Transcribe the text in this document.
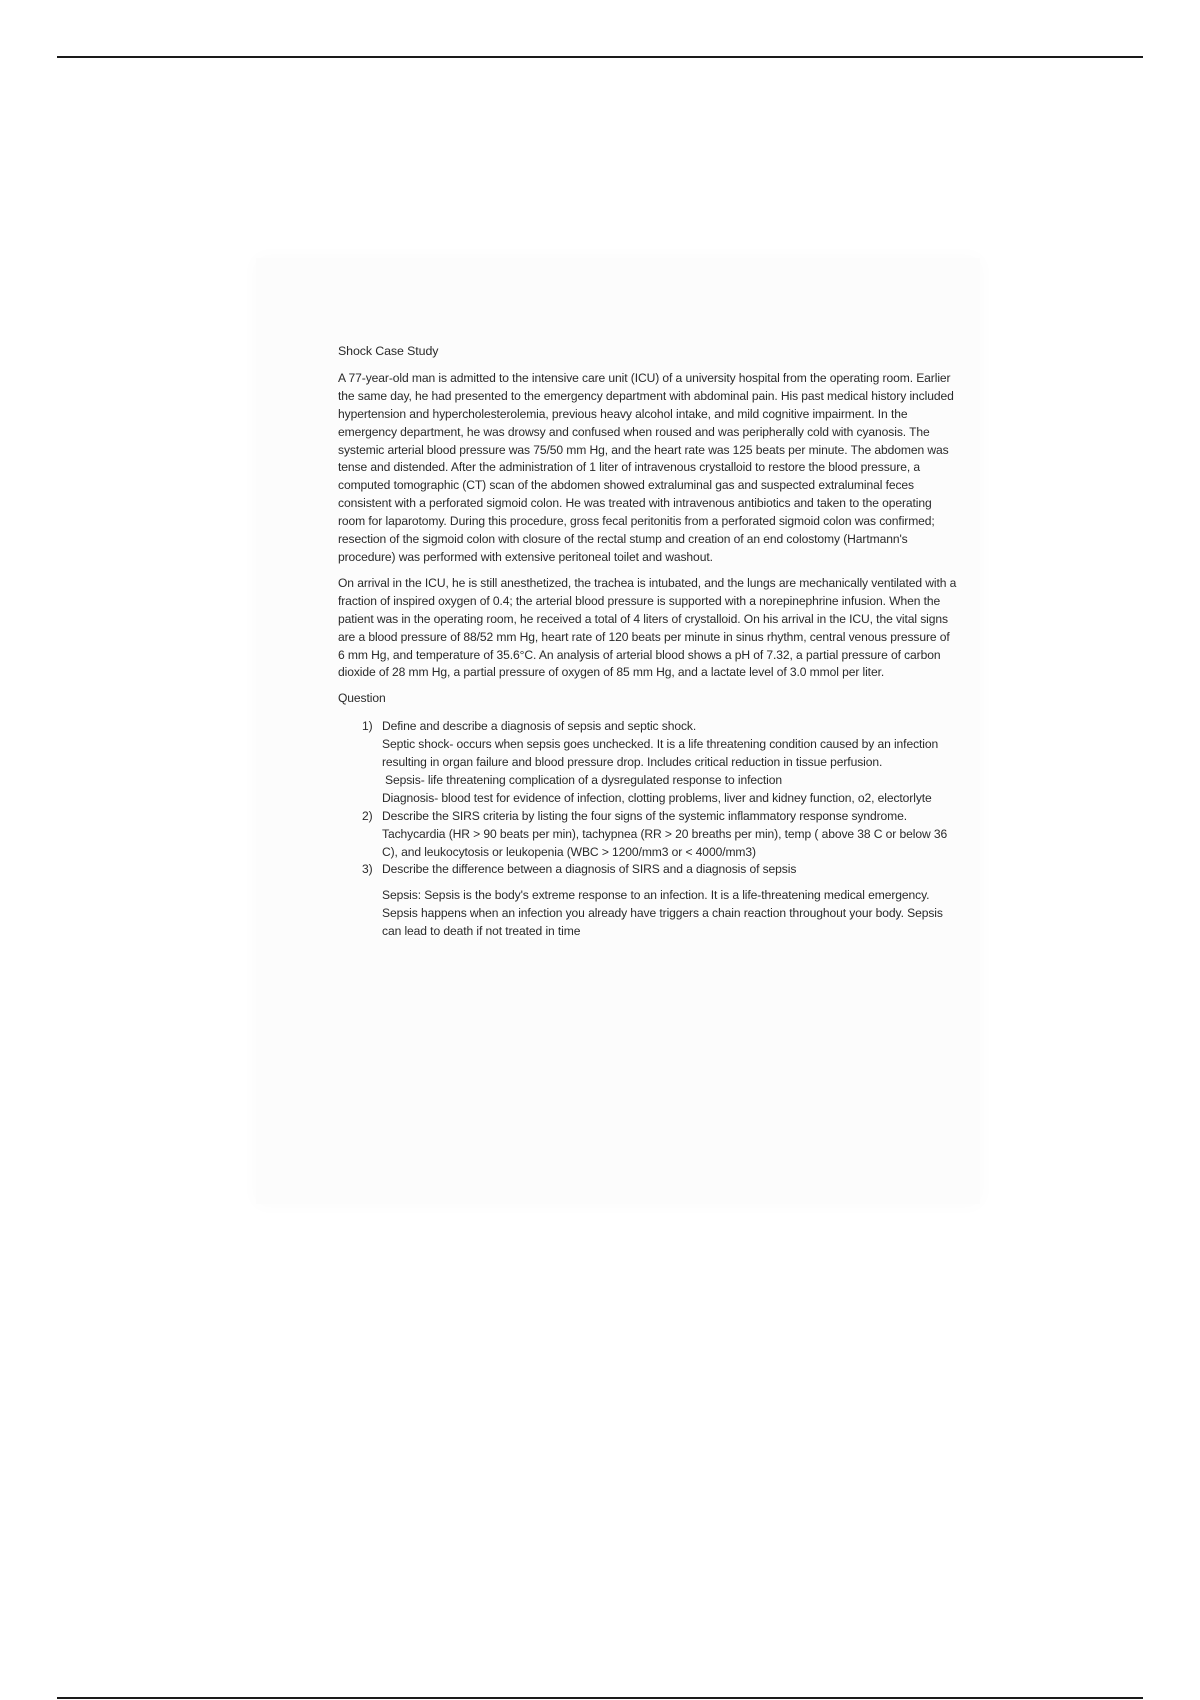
Shock Case Study

A 77-year-old man is admitted to the intensive care unit (ICU) of a university hospital from the operating room. Earlier the same day, he had presented to the emergency department with abdominal pain. His past medical history included hypertension and hypercholesterolemia, previous heavy alcohol intake, and mild cognitive impairment. In the emergency department, he was drowsy and confused when roused and was peripherally cold with cyanosis. The systemic arterial blood pressure was 75/50 mm Hg, and the heart rate was 125 beats per minute. The abdomen was tense and distended. After the administration of 1 liter of intravenous crystalloid to restore the blood pressure, a computed tomographic (CT) scan of the abdomen showed extraluminal gas and suspected extraluminal feces consistent with a perforated sigmoid colon. He was treated with intravenous antibiotics and taken to the operating room for laparotomy. During this procedure, gross fecal peritonitis from a perforated sigmoid colon was confirmed; resection of the sigmoid colon with closure of the rectal stump and creation of an end colostomy (Hartmann's procedure) was performed with extensive peritoneal toilet and washout.

On arrival in the ICU, he is still anesthetized, the trachea is intubated, and the lungs are mechanically ventilated with a fraction of inspired oxygen of 0.4; the arterial blood pressure is supported with a norepinephrine infusion. When the patient was in the operating room, he received a total of 4 liters of crystalloid. On his arrival in the ICU, the vital signs are a blood pressure of 88/52 mm Hg, heart rate of 120 beats per minute in sinus rhythm, central venous pressure of 6 mm Hg, and temperature of 35.6°C. An analysis of arterial blood shows a pH of 7.32, a partial pressure of carbon dioxide of 28 mm Hg, a partial pressure of oxygen of 85 mm Hg, and a lactate level of 3.0 mmol per liter.

Question
1) Define and describe a diagnosis of sepsis and septic shock.
Septic shock- occurs when sepsis goes unchecked. It is a life threatening condition caused by an infection resulting in organ failure and blood pressure drop. Includes critical reduction in tissue perfusion.
Sepsis- life threatening complication of a dysregulated response to infection
Diagnosis- blood test for evidence of infection, clotting problems, liver and kidney function, o2, electorlyte
2) Describe the SIRS criteria by listing the four signs of the systemic inflammatory response syndrome.
Tachycardia (HR > 90 beats per min), tachypnea (RR > 20 breaths per min), temp ( above 38 C or below 36 C), and leukocytosis or leukopenia (WBC > 1200/mm3 or < 4000/mm3)
3) Describe the difference between a diagnosis of SIRS and a diagnosis of sepsis
Sepsis: Sepsis is the body's extreme response to an infection. It is a life-threatening medical emergency. Sepsis happens when an infection you already have triggers a chain reaction throughout your body. Sepsis can lead to death if not treated in time
